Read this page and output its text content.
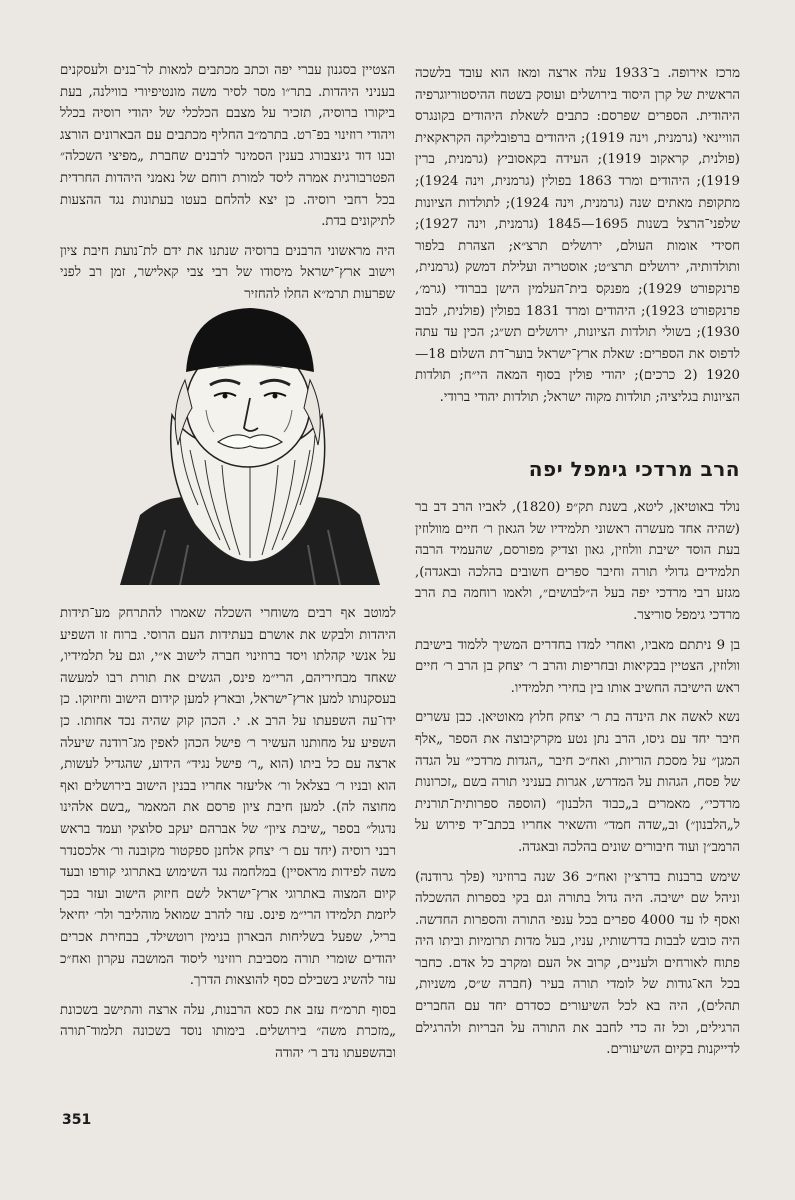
הצטיין בסגנון עברי יפה וכתב מכתבים למאות לר־בנים ולעסקנים בעניני היהדות. בתר״ו מסר לסיר משה מונטיפיורי בווילנה, בעת ביקורו ברוסיה, תזכיר על מצבם הכלכלי של יהודי רוסיה בכלל ויהודי רוזינוי בפ־רט. בתרמ״ב החליף מכתבים עם הבארונים הורצג ובנו דוד גינצבורג בענין הסמינר לרבנים שחברת „מפיצי השכלה״ הפטרבורגית אמרה ליסד למורת רוחם של נאמני היהדות החרדית בכל רחבי רוסיה. כן יצא להלחם בעטו בעתונות נגד ההצעות לתיקונים בדת.

היה מראשוני הרבנים ברוסיה שנתנו את ידם לת־נועת חיבת ציון וישוב ארץ־ישראל מיסודו של רבי צבי קאלישר, זמן רב לפני שפרעות תרמ״א החלו להחזיר

מרכז אירופה. ב־1933 עלה ארצה ומאז הוא עובד בלשכה הראשית של קרן היסוד בירושלים ועוסק בשטח ההיסטוריוגרפיה היהודית. הספרים שפרסם: כתבים לשאלת היהודים בקונגרס הוויינאי (גרמנית, וינה 1919); היהודים ברפובליקה הקראקאית (פולנית, קראקוב 1919); העידה בקאסוביץ (גרמנית, ברין 1919); היהודים ומרד 1863 בפולין (גרמנית, וינה 1924); מתקופת מאתים שנה (גרמנית, וינה 1924); לתולדות הציונות שלפני־הרצל בשנות 1695—1845 (גרמנית, וינה 1927); חסידי אומות העולם, ירושלים תרצ״א; הצהרת בלפור ותולדותיה, ירושלים תרצ״ט; אוסטריה ועלילת דמשק (גרמנית, פרנקפורט 1929); מפנקס בית־העלמין הישן בברודי (גרמ׳, פרנקפורט 1923); היהודים ומרד 1831 בפולין (פולנית, לבוב 1930); בשולי תולדות הציונות, ירושלים תש״ג; הכין עד עתה לדפוס את הספרים: שאלת ארץ־ישראל בוער־דת השלום 18—1920 (2 כרכים); יהודי פולין בסוף המאה הי״ח; תולדות הציונות בגליציה; תולדות מקוה ישראל; תולדות יהודי ברודי.

הרב מרדכי גימפל יפה

נולד באוטיאן, ליטא, בשנת תק״פ (1820), לאביו הרב דב בר (שהיה אחד מעשרה ראשוני תלמידיו של הגאון ר׳ חיים מוולוזין בעת הוסד ישיבת וולוזין, גאון וצדיק מפורסם, שהעמיד הרבה תלמידים גדולי תורה וחיבר ספרים חשובים בהלכה ובאגדה), מגזע רבי מרדכי יפה בעל ה״לבושים״, ולאמו רוחמה בת הרב מרדכי גימפל סוריצר.

בן 9 ניתתם מאביו, ואחרי למדו בחדרים המשיך ללמוד בישיבת וולוזין, הצטיין בבקיאות ובחריפות והרב ר׳ יצחק בן הרב ר׳ חיים ראש הישיבה החשיב אותו בין בחירי תלמידיו.

נשא לאשה את הינדה בת ר׳ יצחק חלוץ מאוטיאן. כבן עשרים חיבר יחד עם גיסו, הרב נתן נטע מקרקיבוצה את הספר „אלף המגן״ על מסכת הוריות, ואח״כ חיבר „הגדות מרדכי״ על הגדה של פסח, הגהות על המדרש, אגרות בעניני תורה בשם „זכרונות מרדכי״, מאמרים ב„כבוד הלבנון״ (הוספה ספרותית־תורנית ל„הלבנון״) וב„שדה חמד״ והשאיר אחריו בכתב־יד פירוש על הרמב״ן ועוד חיבורים שונים בהלכה ובאגדה.

שימש ברבנות בדרצ׳ין ואח״כ 36 שנה ברוזינוי (פלך גרודנה) וניהל שם ישיבה. היה גדול בתורה וגם בקי בספרות ההשכלה ואסף לו עד 4000 ספרים בכל ענפי התורה והספרות החדשה. היה כובש לבבות בדרשותיו, עניו, בעל מדות תרומיות וביתו היה פתוח לאורחים ולעניים, קרוב אל העם ומקרב כל אדם. כחבר בכל הא־גודות של לומדי תורה בעיר (חברה ש״ס, משניות, תהלים), היה בא לכל השיעורים כסדרם יחד עם החברים הרגילים, וכל זה כדי לחבב את התורה על הבריות ולהרגילם לדייקנות בקיום השיעורים.

למוטב אף רבים משוחרי השכלה שאמרו להתרחק מע־תידות היהדות ולבקש את אושרם בעתידות העם הרוסי. ברוח זו השפיע על אנשי קהלתו ויסד ברוזינוי חברה לישוב א״י, וגם על תלמידיו, שאחד מבחיריהם, הרי״מ פינס, הגשים את תורת רבו למעשה בעסקנותו למען ארץ־ישראל, ובארץ למען קידום הישוב וחיזוקו. כן ידו־עה השפעתו על הרב א. י. הכהן קוק שהיה נכד אחותו. כן השפיע על מחותנו העשיר ר׳ פישל הכהן לאפין מג־רודנה שיעלה ארצה עם כל ביתו (הוא „ר׳ פישל נגיד״ הידוע, שהגדיל לעשות, הוא ובניו ר׳ בצלאל ור׳ אליעזר אחריו בבנין הישוב בירושלים ואף מחוצה לה). למען חיבת ציון פרסם את המאמר „בשם אלהינו נדגול״ בספר „שיבת ציון״ של אברהם יעקב סלוצקי ועמד בראש רבני רוסיה (יחד עם ר׳ יצחק אלחנן ספקטור מקובנה ור׳ אלכסנדר משה לפידות מראסיין) במלחמה נגד השימוש באתרוגי קורפו ובעד קיום המצוה באתרוגי ארץ־ישראל לשם חיזוק הישוב ועזר בכך ליזמת תלמידו הרי״מ פינס. עזר להרב שמואל מוהליבר ולר׳ יחיאל בריל, שפעל בשליחות הבארון בנימין רוטשילד, בבחירת אכרים יהודים שומרי תורה מסביבת רוזינוי ליסוד המושבה עקרון ואח״כ עזר להשיג בשבילם כסף להוצאות הדרך.

בסוף תרמ״ח עזב את כסא הרבנות, עלה ארצה והתישב בשכונת „מזכרת משה״ בירושלים. בימותו נוסד בשכונה תלמוד־תורה ובהשפעתו נדב ר׳ יהודה

351
